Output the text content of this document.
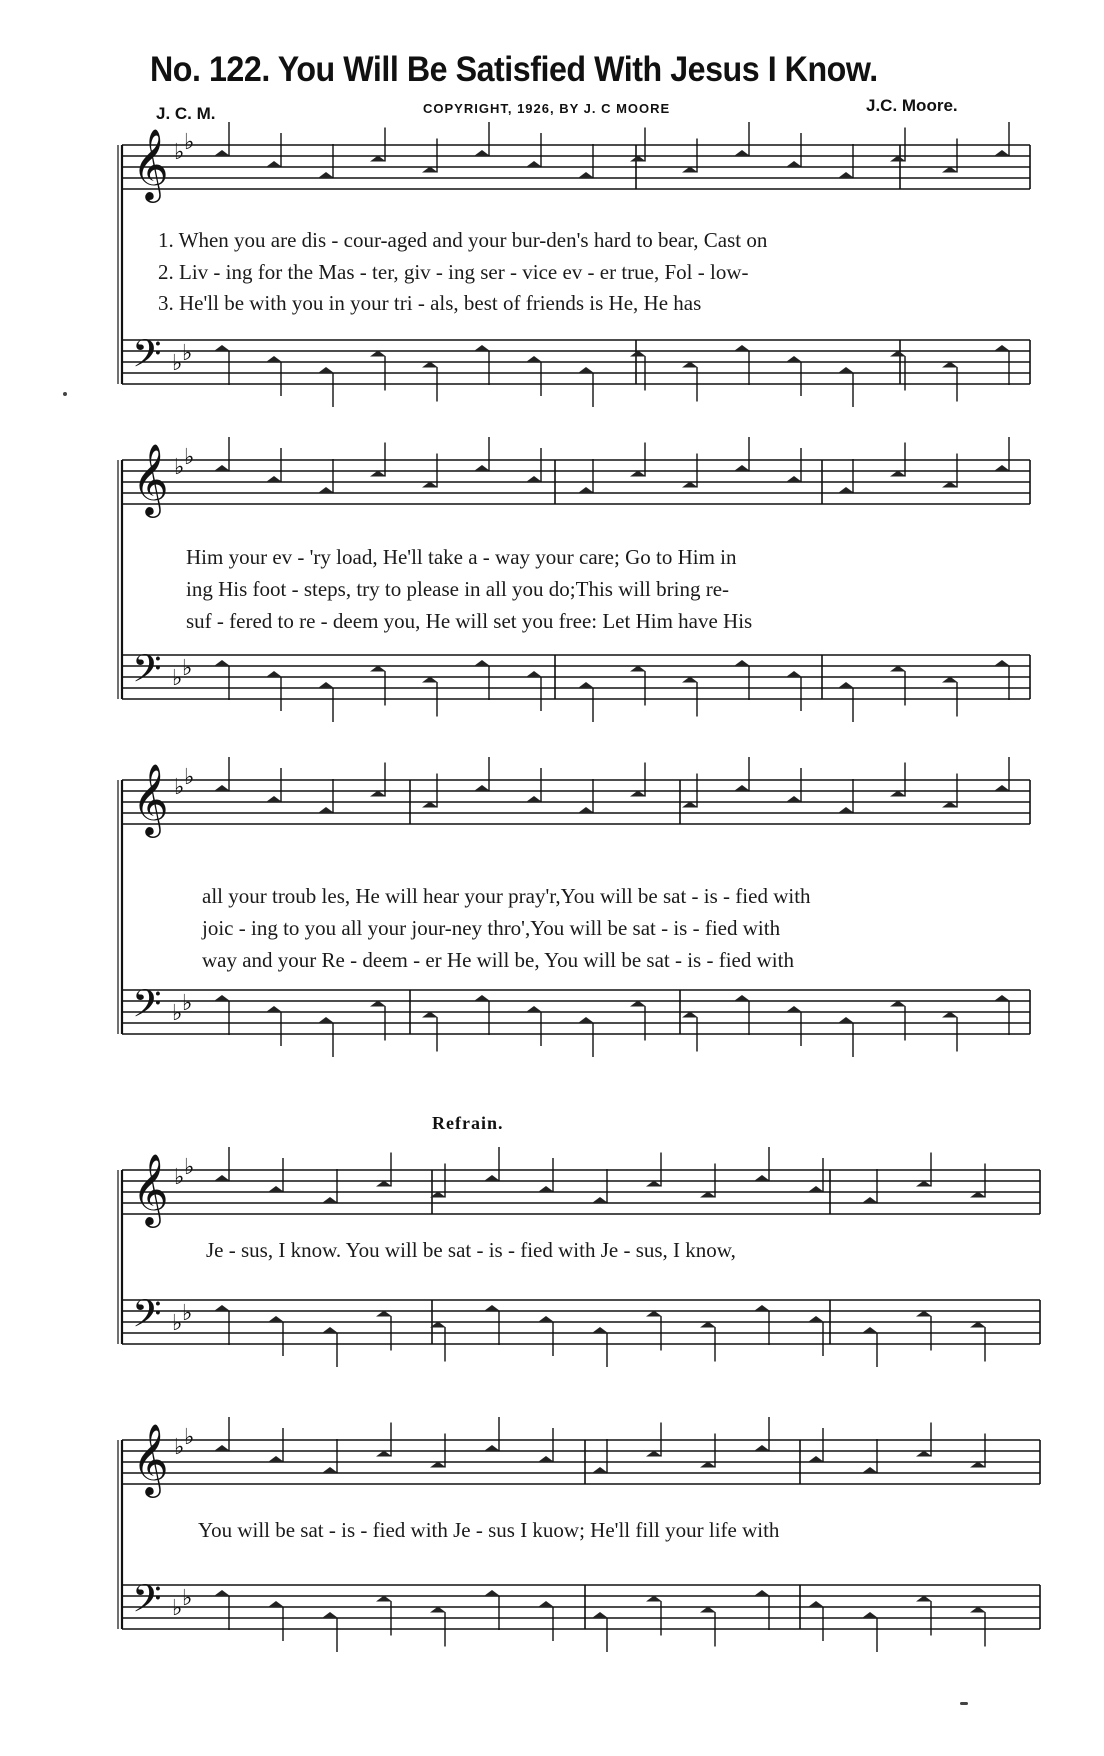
No. 122. You Will Be Satisfied With Jesus I Know.
J. C. M.	COPYRIGHT, 1926, BY J. C MOORE	J.C. Moore.
𝄞 ♭ ♭
𝄢 ♭ ♭
𝄞 ♭ ♭
𝄢 ♭ ♭
𝄞 ♭ ♭
𝄢 ♭ ♭
𝄞 ♭ ♭
𝄢 ♭ ♭
𝄞 ♭ ♭
𝄢 ♭ ♭
1. When you are dis - cour-aged and your bur-den's hard to bear, Cast on
2. Liv - ing for the Mas - ter, giv - ing ser - vice ev - er true, Fol - low-
3. He'll be with you in your tri - als, best of friends is He, He has
Him your ev - 'ry load, He'll take a - way your care; Go to Him in
ing His foot - steps, try to please in all you do;This will bring re-
suf - fered to re - deem you, He will set you free: Let Him have His
all your troub les, He will hear your pray'r,You will be sat - is - fied with
joic - ing to you all your jour-ney thro',You will be sat - is - fied with
way and your Re - deem - er He will be, You will be sat - is - fied with
Refrain.
Je - sus, I know. You will be sat - is - fied with Je - sus, I know,
You will be sat - is - fied with Je - sus I kuow; He'll fill your life with
